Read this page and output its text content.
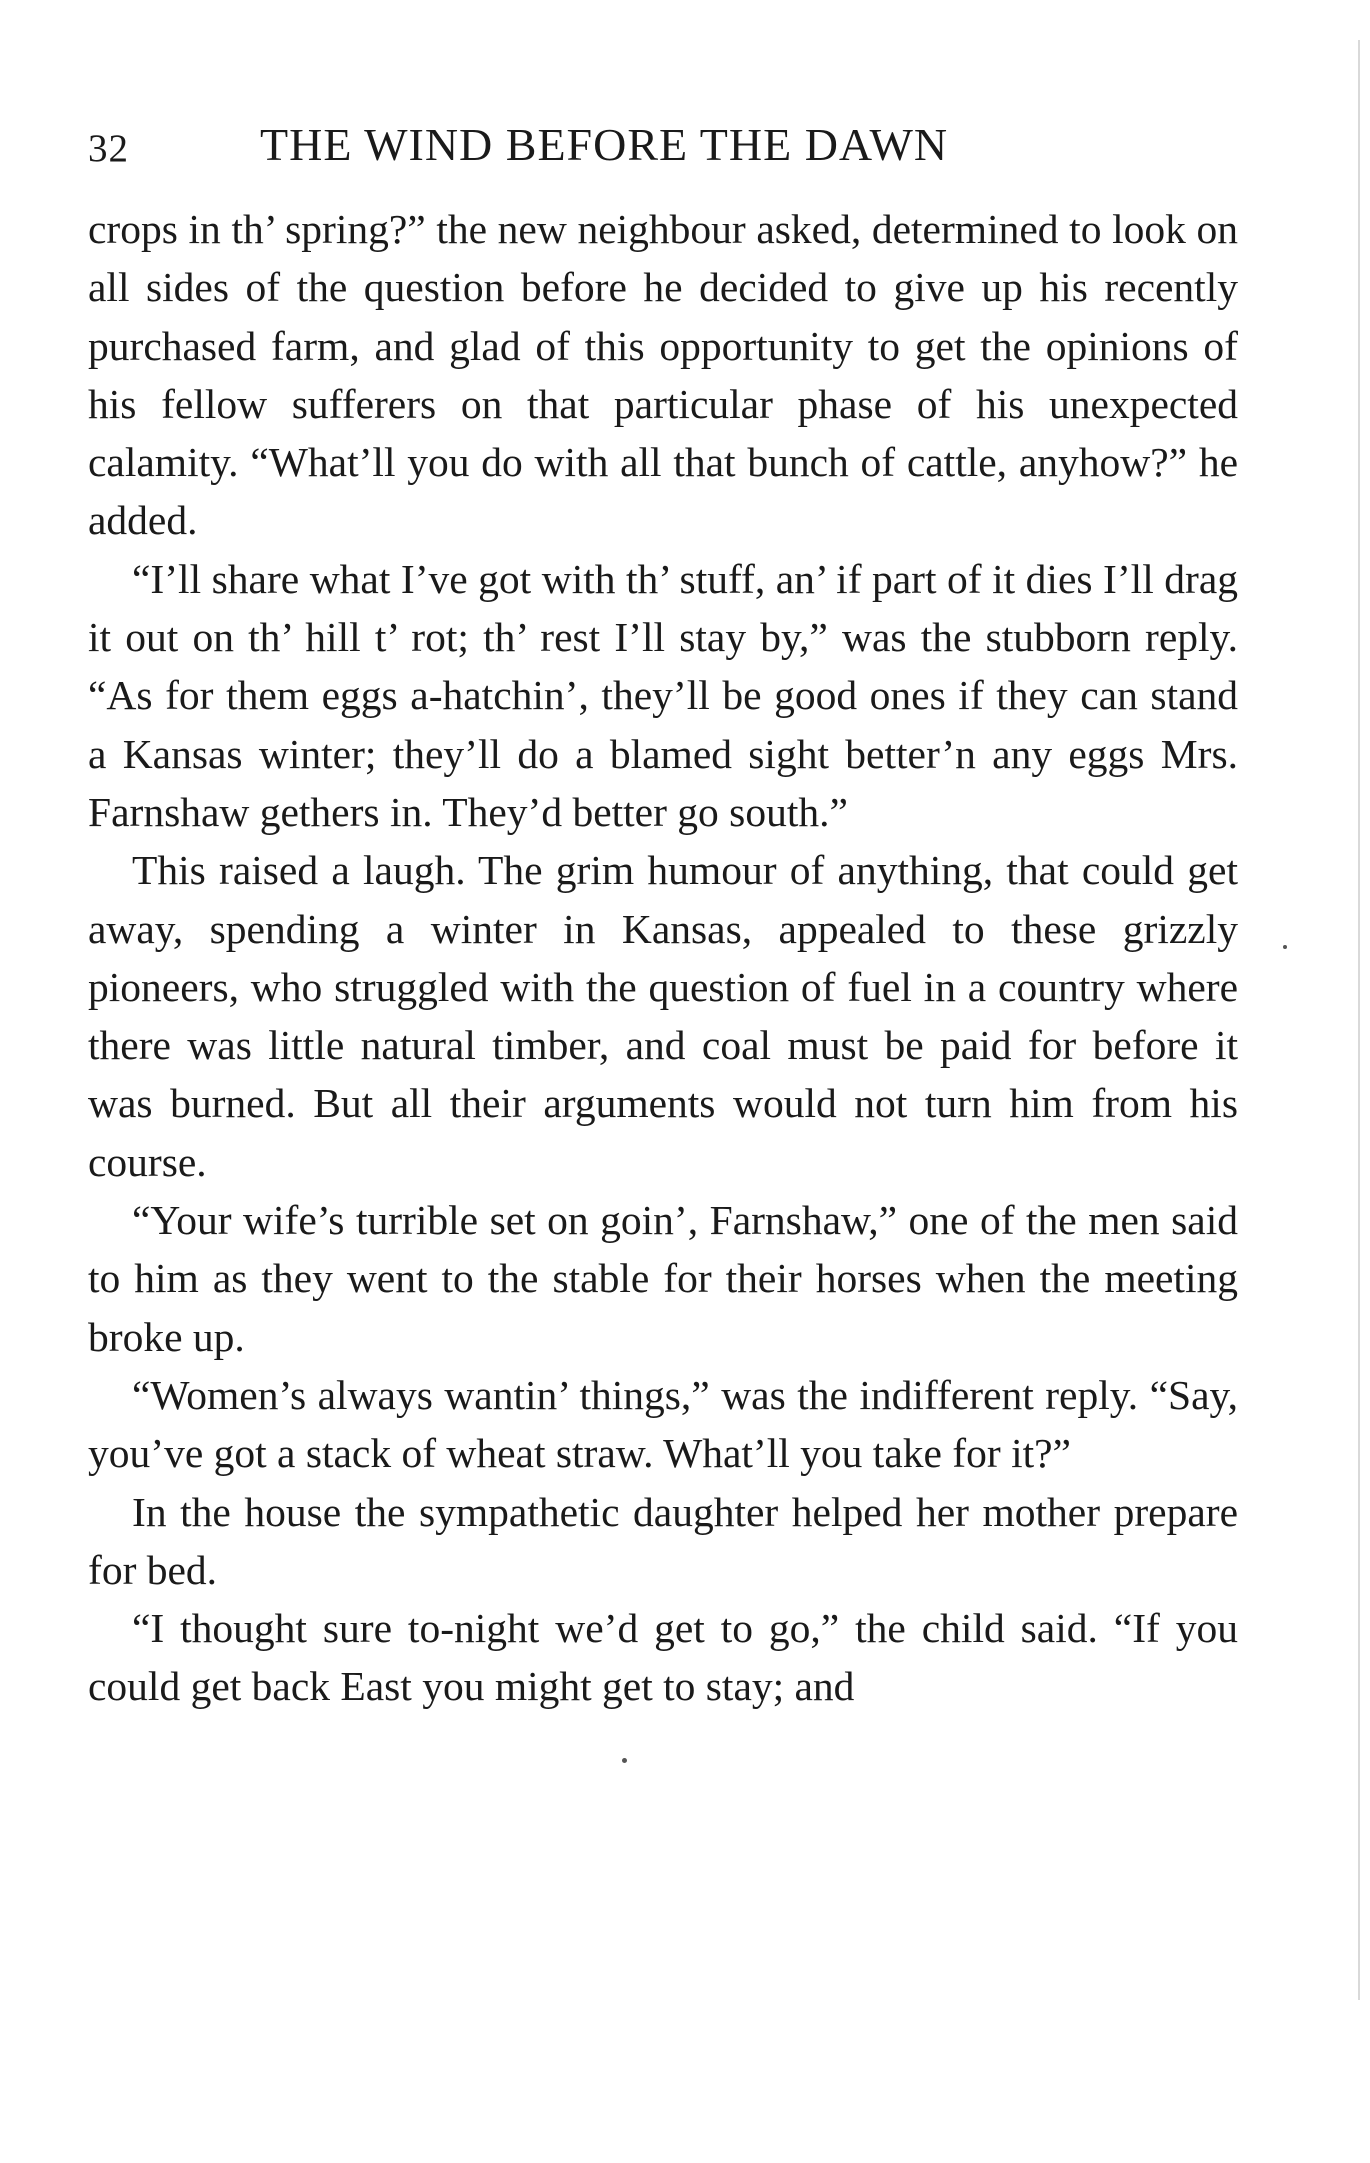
32	THE WIND BEFORE THE DAWN

crops in th’ spring?” the new neighbour asked, determined to look on all sides of the question before he decided to give up his recently purchased farm, and glad of this opportunity to get the opinions of his fellow sufferers on that particular phase of his unexpected calamity. “What’ll you do with all that bunch of cattle, anyhow?” he added.

“I’ll share what I’ve got with th’ stuff, an’ if part of it dies I’ll drag it out on th’ hill t’ rot; th’ rest I’ll stay by,” was the stubborn reply. “As for them eggs a-hatchin’, they’ll be good ones if they can stand a Kansas winter; they’ll do a blamed sight better’n any eggs Mrs. Farnshaw gethers in. They’d better go south.”

This raised a laugh. The grim humour of anything, that could get away, spending a winter in Kansas, appealed to these grizzly pioneers, who struggled with the question of fuel in a country where there was little natural timber, and coal must be paid for before it was burned. But all their arguments would not turn him from his course.

“Your wife’s turrible set on goin’, Farnshaw,” one of the men said to him as they went to the stable for their horses when the meeting broke up.

“Women’s always wantin’ things,” was the indifferent reply. “Say, you’ve got a stack of wheat straw. What’ll you take for it?”

In the house the sympathetic daughter helped her mother prepare for bed.

“I thought sure to-night we’d get to go,” the child said. “If you could get back East you might get to stay; and
